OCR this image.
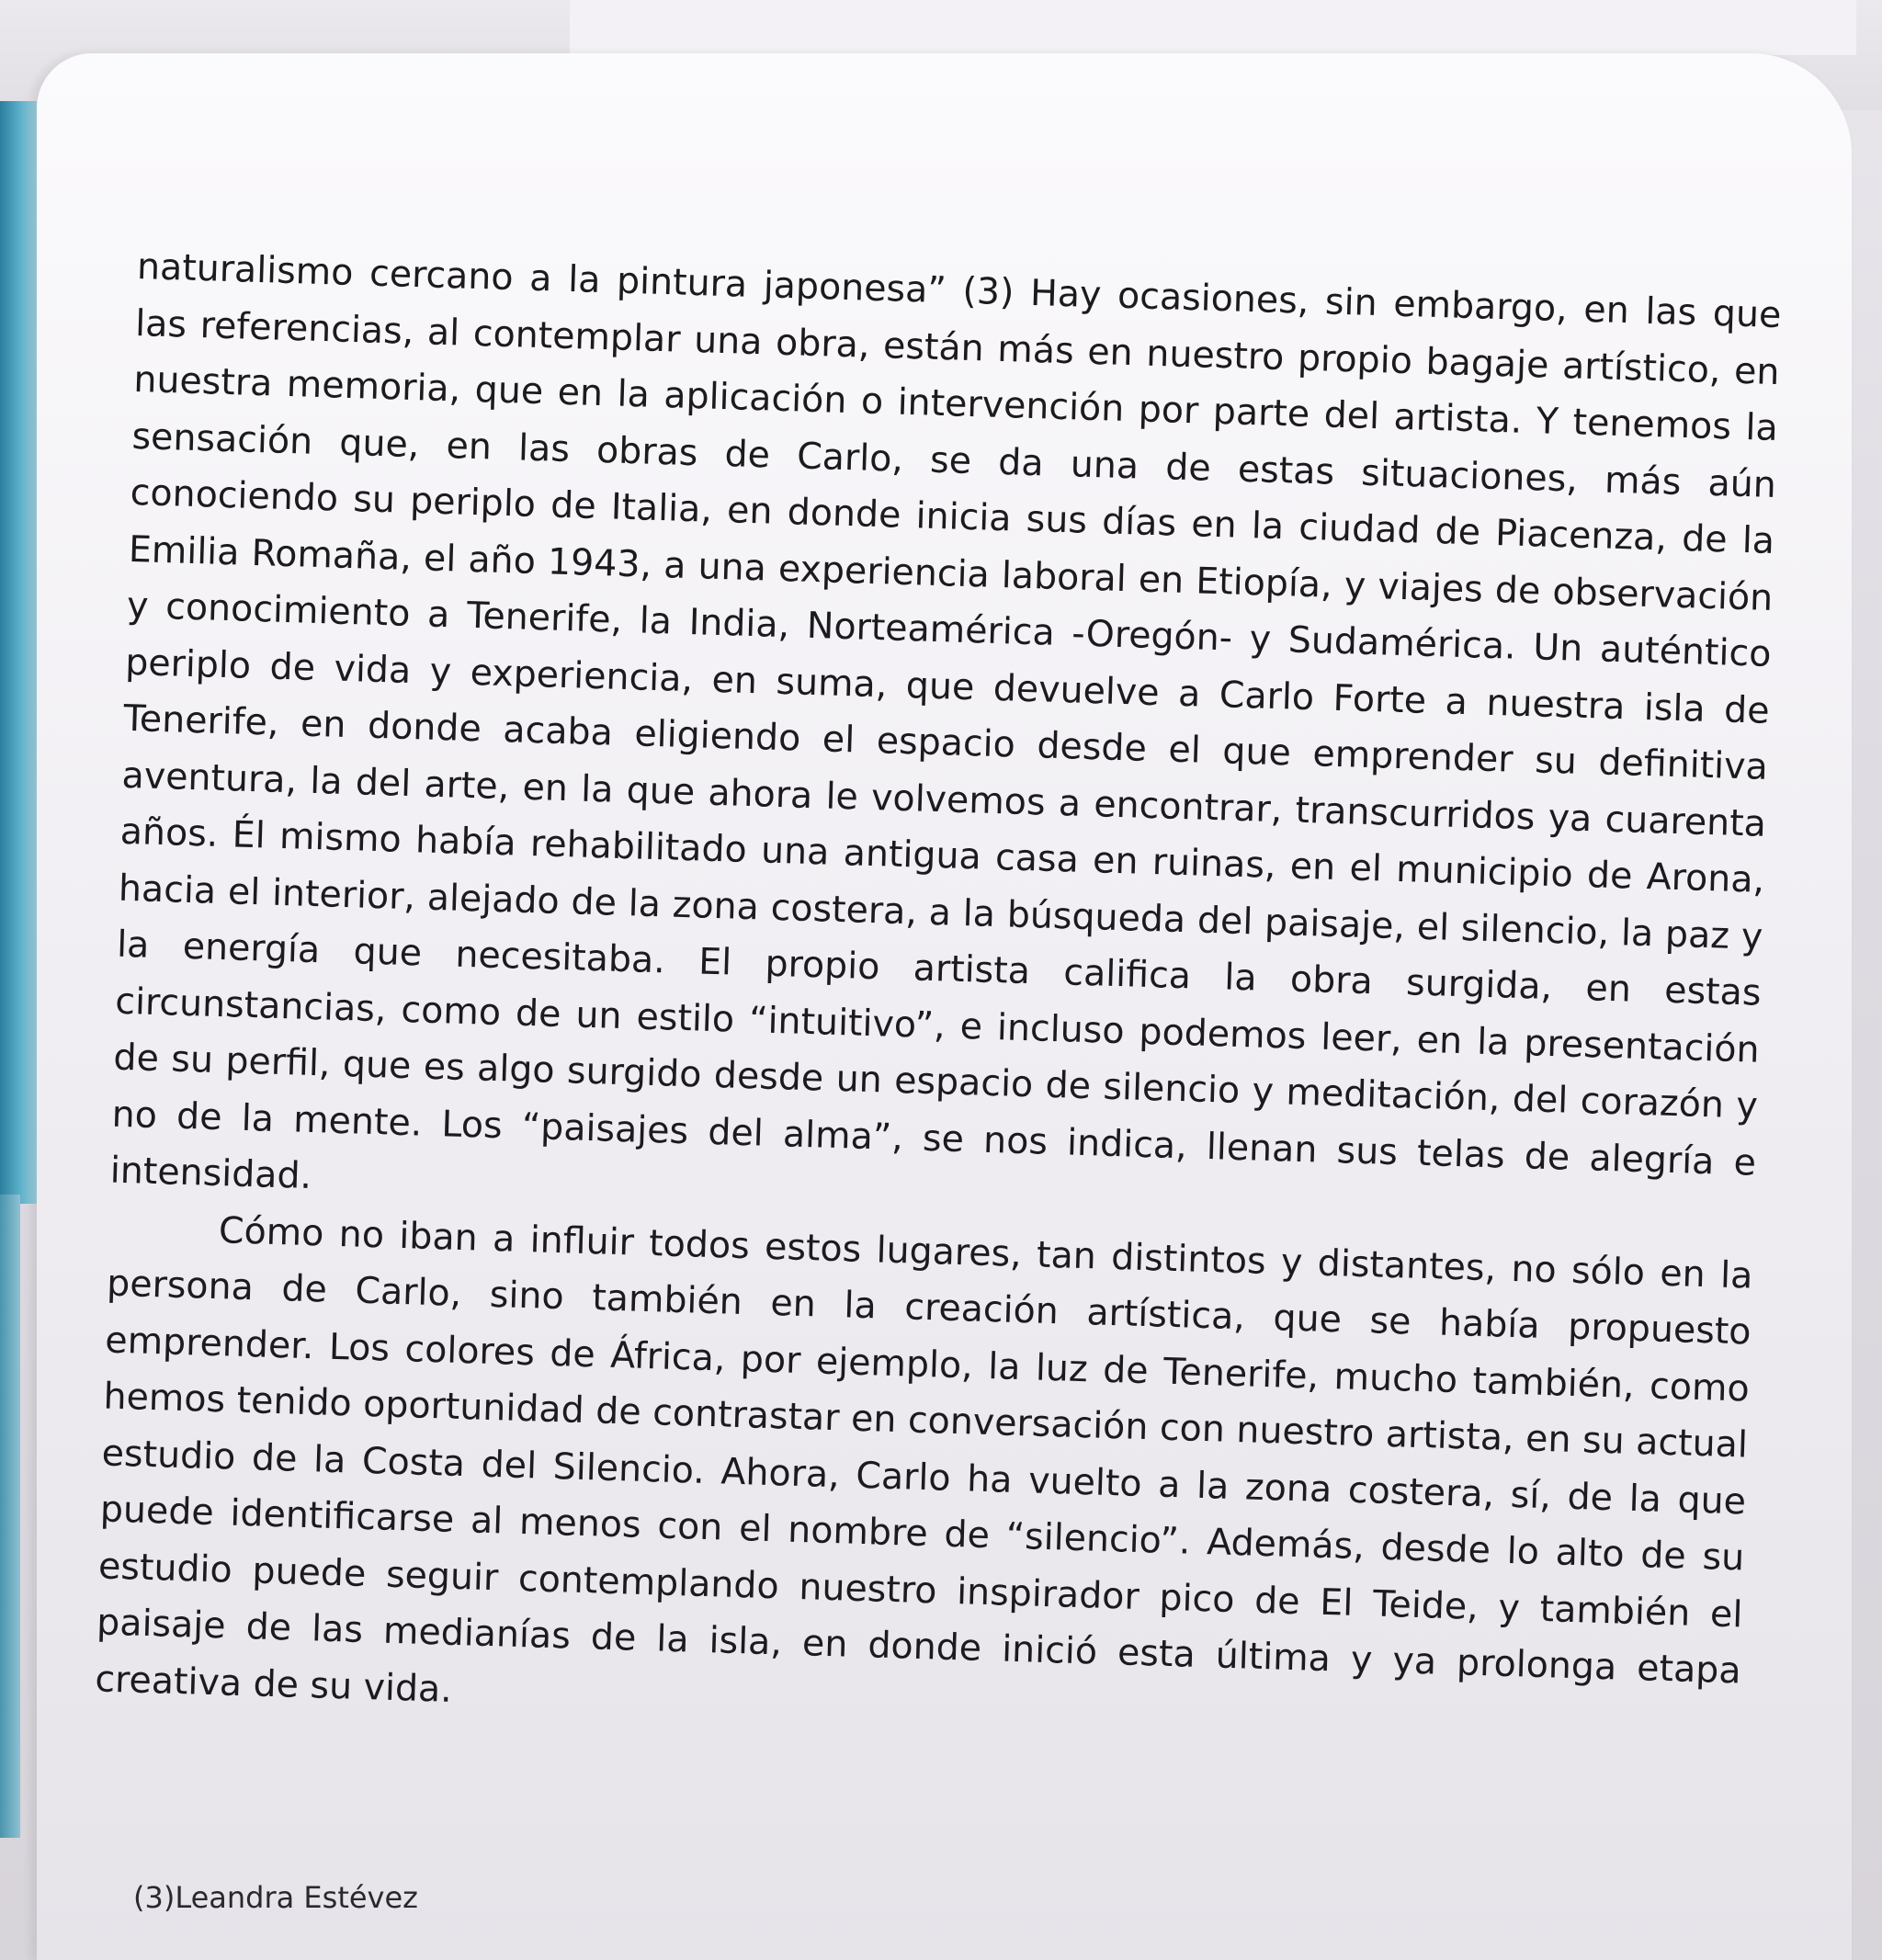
naturalismo cercano a la pintura japonesa” (3) Hay ocasiones, sin embargo, en las que las referencias, al contemplar una obra, están más en nuestro propio bagaje artístico, en nuestra memoria, que en la aplicación o intervención por parte del artista. Y tenemos la sensación que, en las obras de Carlo, se da una de estas situaciones, más aún conociendo su periplo de Italia, en donde inicia sus días en la ciudad de Piacenza, de la Emilia Romaña, el año 1943, a una experiencia laboral en Etiopía, y viajes de observación y conocimiento a Tenerife, la India, Norteamérica -Oregón- y Sudamérica. Un auténtico periplo de vida y experiencia, en suma, que devuelve a Carlo Forte a nuestra isla de Tenerife, en donde acaba eligiendo el espacio desde el que emprender su definitiva aventura, la del arte, en la que ahora le volvemos a encontrar, transcurridos ya cuarenta años. Él mismo había rehabilitado una antigua casa en ruinas, en el municipio de Arona, hacia el interior, alejado de la zona costera, a la búsqueda del paisaje, el silencio, la paz y la energía que necesitaba. El propio artista califica la obra surgida, en estas circunstancias, como de un estilo “intuitivo”, e incluso podemos leer, en la presentación de su perfil, que es algo surgido desde un espacio de silencio y meditación, del corazón y no de la mente. Los “paisajes del alma”, se nos indica, llenan sus telas de alegría e intensidad.

Cómo no iban a influir todos estos lugares, tan distintos y distantes, no sólo en la persona de Carlo, sino también en la creación artística, que se había propuesto emprender. Los colores de África, por ejemplo, la luz de Tenerife, mucho también, como hemos tenido oportunidad de contrastar en conversación con nuestro artista, en su actual estudio de la Costa del Silencio. Ahora, Carlo ha vuelto a la zona costera, sí, de la que puede identificarse al menos con el nombre de “silencio”. Además, desde lo alto de su estudio puede seguir contemplando nuestro inspirador pico de El Teide, y también el paisaje de las medianías de la isla, en donde inició esta última y ya prolonga etapa creativa de su vida.

(3)Leandra Estévez
